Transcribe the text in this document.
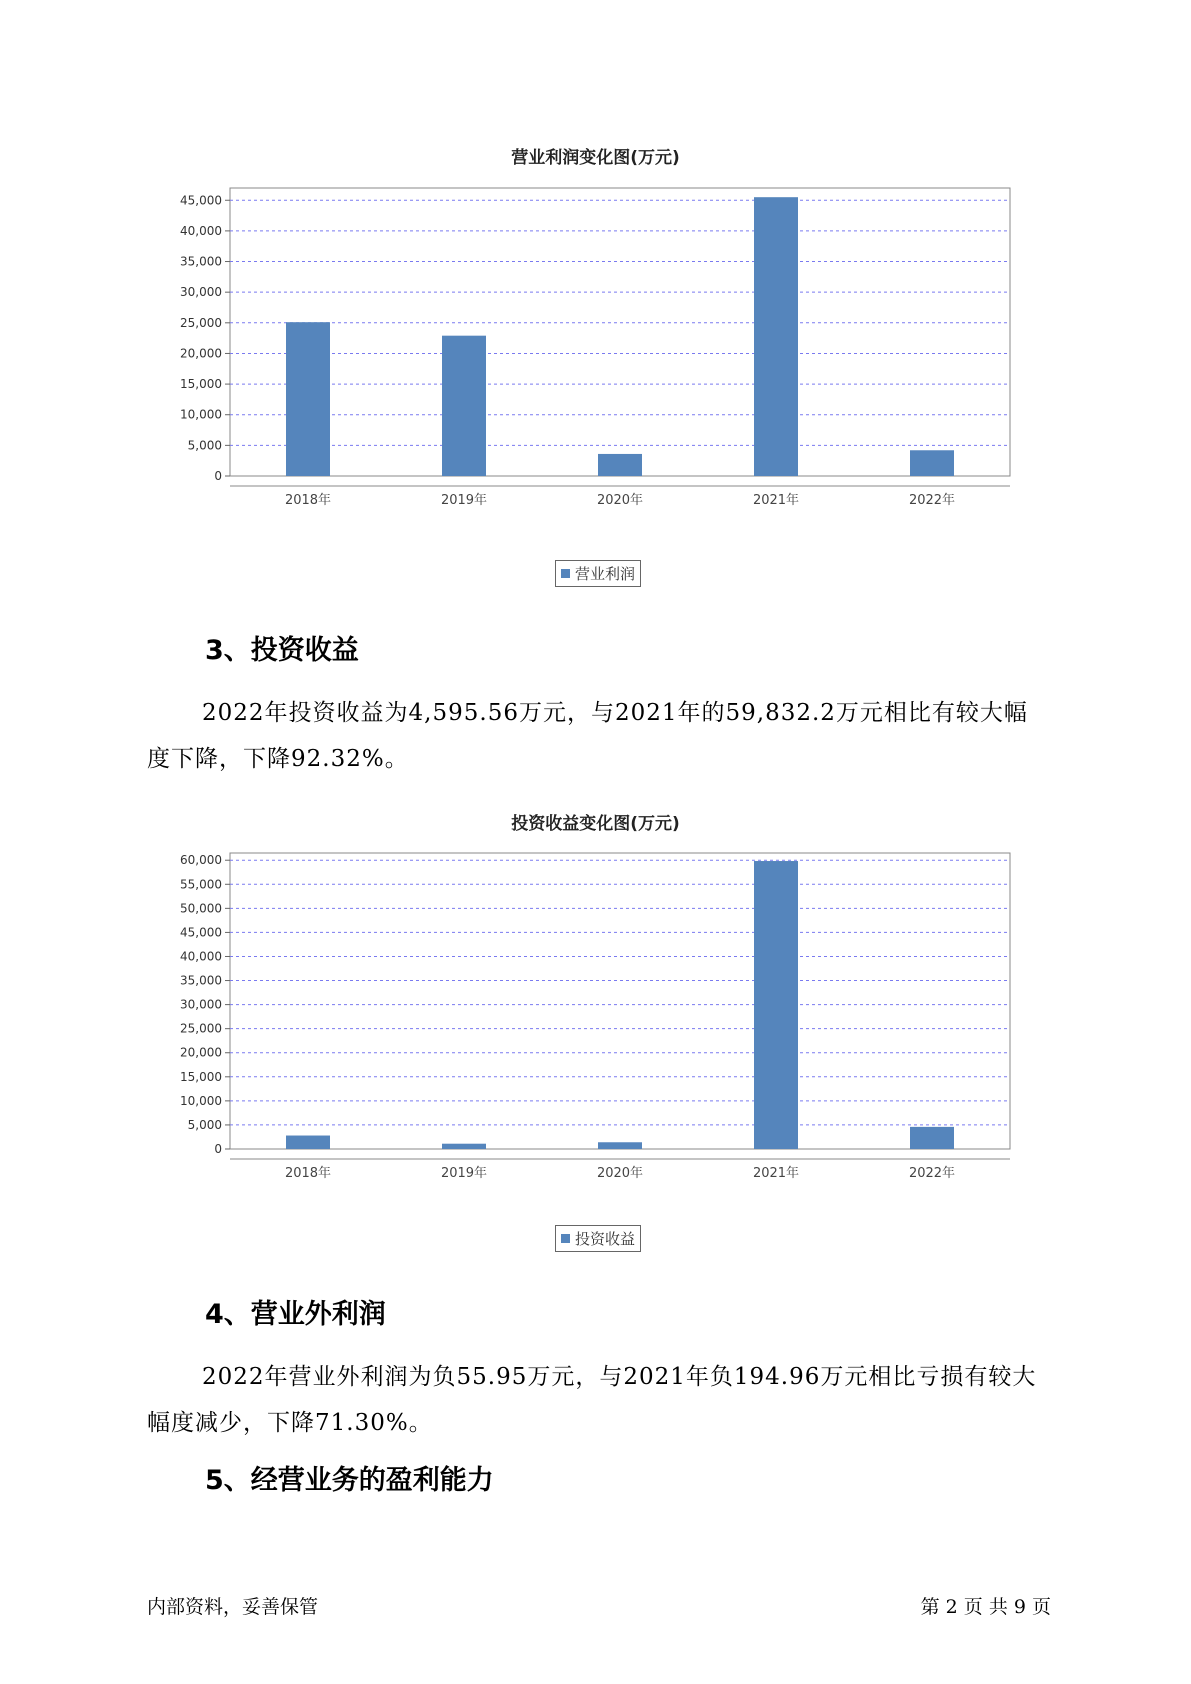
营业利润变化图(万元)
0
5,000
10,000
15,000
20,000
25,000
30,000
35,000
40,000
45,000
2018年	2019年	2020年	2021年	2022年
营业利润
3、投资收益

2022年投资收益为4,595.56万元，与2021年的59,832.2万元相比有较大幅度下降，下降92.32%。

投资收益变化图(万元)
0
5,000
10,000
15,000
20,000
25,000
30,000
35,000
40,000
45,000
50,000
55,000
60,000
2018年	2019年	2020年	2021年	2022年
投资收益
4、营业外利润

2022年营业外利润为负55.95万元，与2021年负194.96万元相比亏损有较大幅度减少，下降71.30%。

5、经营业务的盈利能力
内部资料，妥善保管	第 2 页 共 9 页
